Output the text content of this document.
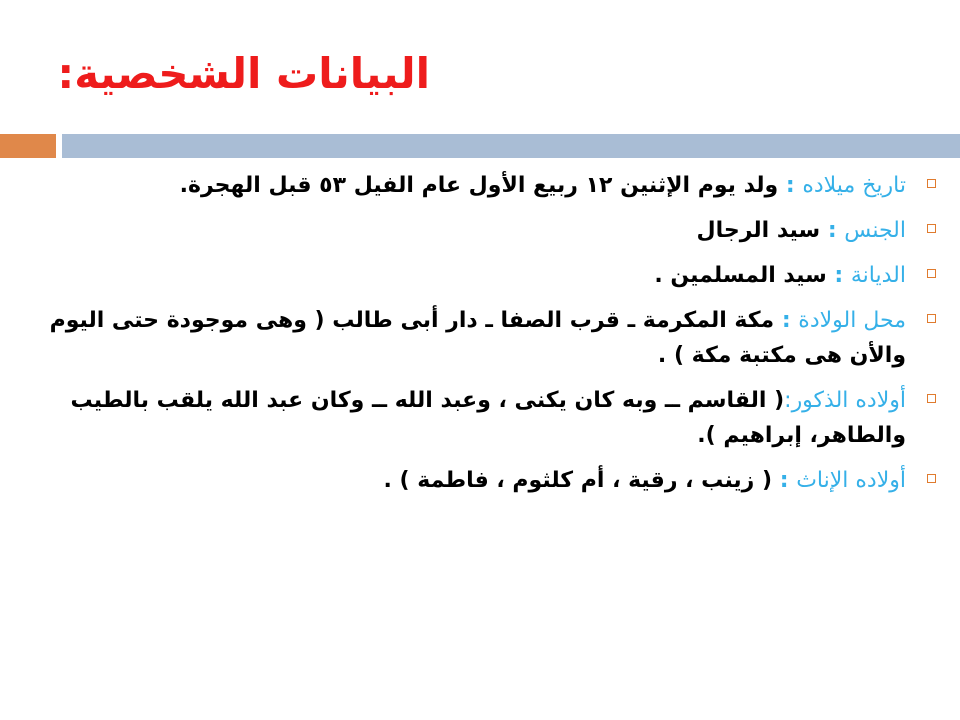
البيانات الشخصية:
تاريخ ميلاده : ولد يوم الإثنين ١٢ ربيع الأول عام الفيل ٥٣ قبل الهجرة.
الجنس : سيد الرجال
الديانة : سيد المسلمين .
محل الولادة : مكة المكرمة ـ قرب الصفا ـ دار أبى طالب ( وهى موجودة حتى اليوم والأن هى مكتبة مكة ) .
أولاده الذكور:( القاسم ــ وبه كان يكنى ، وعبد الله ــ وكان عبد الله يلقب بالطيب والطاهر، إبراهيم ).
أولاده الإناث : ( زينب ، رقية ، أم كلثوم ، فاطمة ) .
